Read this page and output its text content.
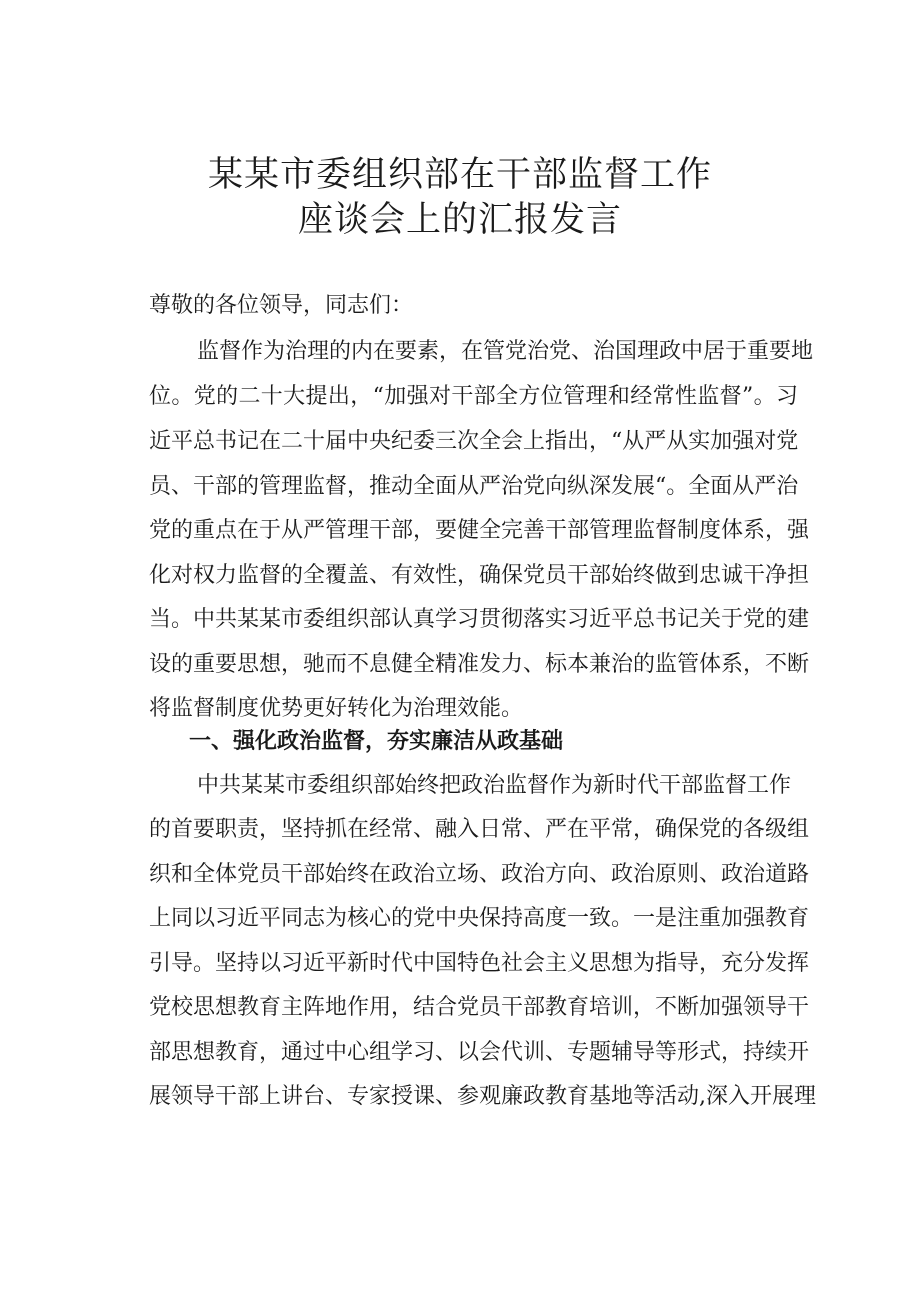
某某市委组织部在干部监督工作
座谈会上的汇报发言

尊敬的各位领导，同志们：

监督作为治理的内在要素，在管党治党、治国理政中居于重要地

位。党的二十大提出，“加强对干部全方位管理和经常性监督”。习

近平总书记在二十届中央纪委三次全会上指出，“从严从实加强对党

员、干部的管理监督，推动全面从严治党向纵深发展“。全面从严治

党的重点在于从严管理干部，要健全完善干部管理监督制度体系，强

化对权力监督的全覆盖、有效性，确保党员干部始终做到忠诚干净担

当。中共某某市委组织部认真学习贯彻落实习近平总书记关于党的建

设的重要思想，驰而不息健全精准发力、标本兼治的监管体系，不断

将监督制度优势更好转化为治理效能。

一、强化政治监督，夯实廉洁从政基础

中共某某市委组织部始终把政治监督作为新时代干部监督工作

的首要职责，坚持抓在经常、融入日常、严在平常，确保党的各级组

织和全体党员干部始终在政治立场、政治方向、政治原则、政治道路

上同以习近平同志为核心的党中央保持高度一致。一是注重加强教育

引导。坚持以习近平新时代中国特色社会主义思想为指导，充分发挥

党校思想教育主阵地作用，结合党员干部教育培训，不断加强领导干

部思想教育，通过中心组学习、以会代训、专题辅导等形式，持续开

展领导干部上讲台、专家授课、参观廉政教育基地等活动,深入开展理
